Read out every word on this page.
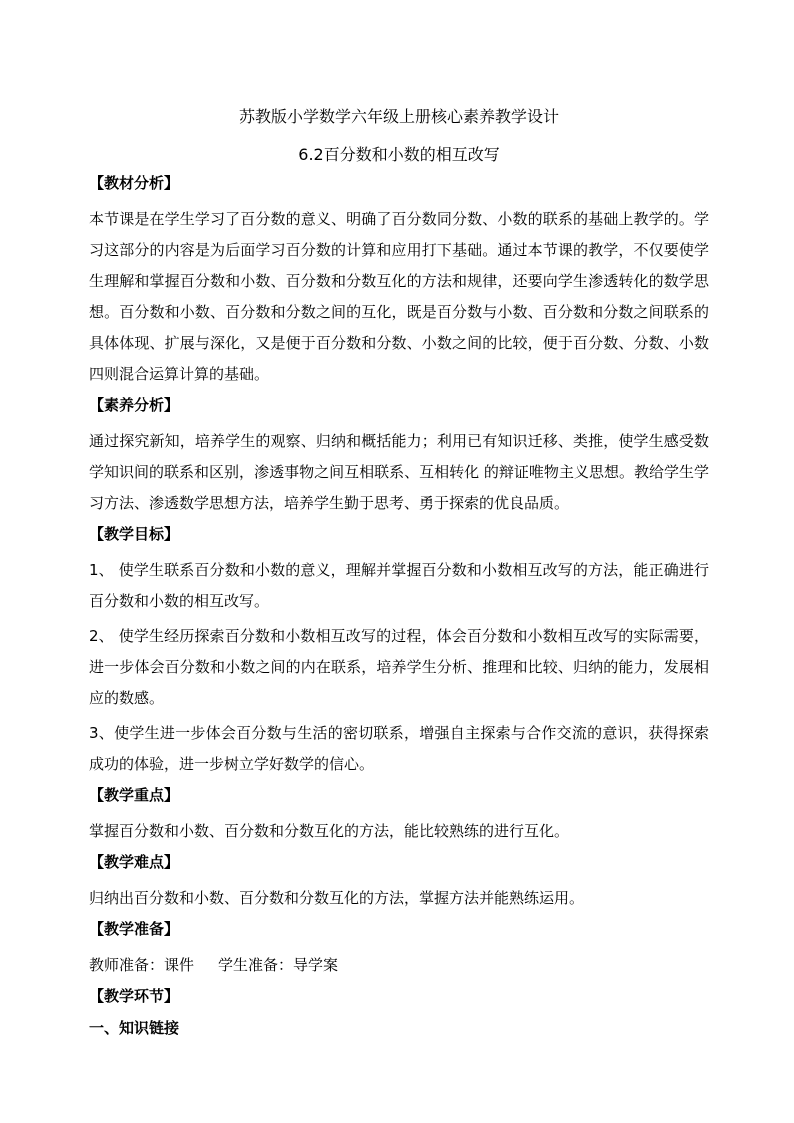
苏教版小学数学六年级上册核心素养教学设计
6.2百分数和小数的相互改写

【教材分析】

本节课是在学生学习了百分数的意义、明确了百分数同分数、小数的联系的基础上教学的。学习这部分的内容是为后面学习百分数的计算和应用打下基础。通过本节课的教学，不仅要使学生理解和掌握百分数和小数、百分数和分数互化的方法和规律，还要向学生渗透转化的数学思想。百分数和小数、百分数和分数之间的互化，既是百分数与小数、百分数和分数之间联系的具体体现、扩展与深化，又是便于百分数和分数、小数之间的比较，便于百分数、分数、小数四则混合运算计算的基础。

【素养分析】

通过探究新知，培养学生的观察、归纳和概括能力；利用已有知识迁移、类推，使学生感受数学知识间的联系和区别，渗透事物之间互相联系、互相转化 的辩证唯物主义思想。教给学生学习方法、渗透数学思想方法，培养学生勤于思考、勇于探索的优良品质。

【教学目标】

1、 使学生联系百分数和小数的意义，理解并掌握百分数和小数相互改写的方法，能正确进行百分数和小数的相互改写。

2、 使学生经历探索百分数和小数相互改写的过程，体会百分数和小数相互改写的实际需要，进一步体会百分数和小数之间的内在联系，培养学生分析、推理和比较、归纳的能力，发展相应的数感。

3、使学生进一步体会百分数与生活的密切联系，增强自主探索与合作交流的意识，获得探索成功的体验，进一步树立学好数学的信心。

【教学重点】

掌握百分数和小数、百分数和分数互化的方法，能比较熟练的进行互化。

【教学难点】

归纳出百分数和小数、百分数和分数互化的方法，掌握方法并能熟练运用。

【教学准备】

教师准备：课件 学生准备：导学案

【教学环节】

一、知识链接
